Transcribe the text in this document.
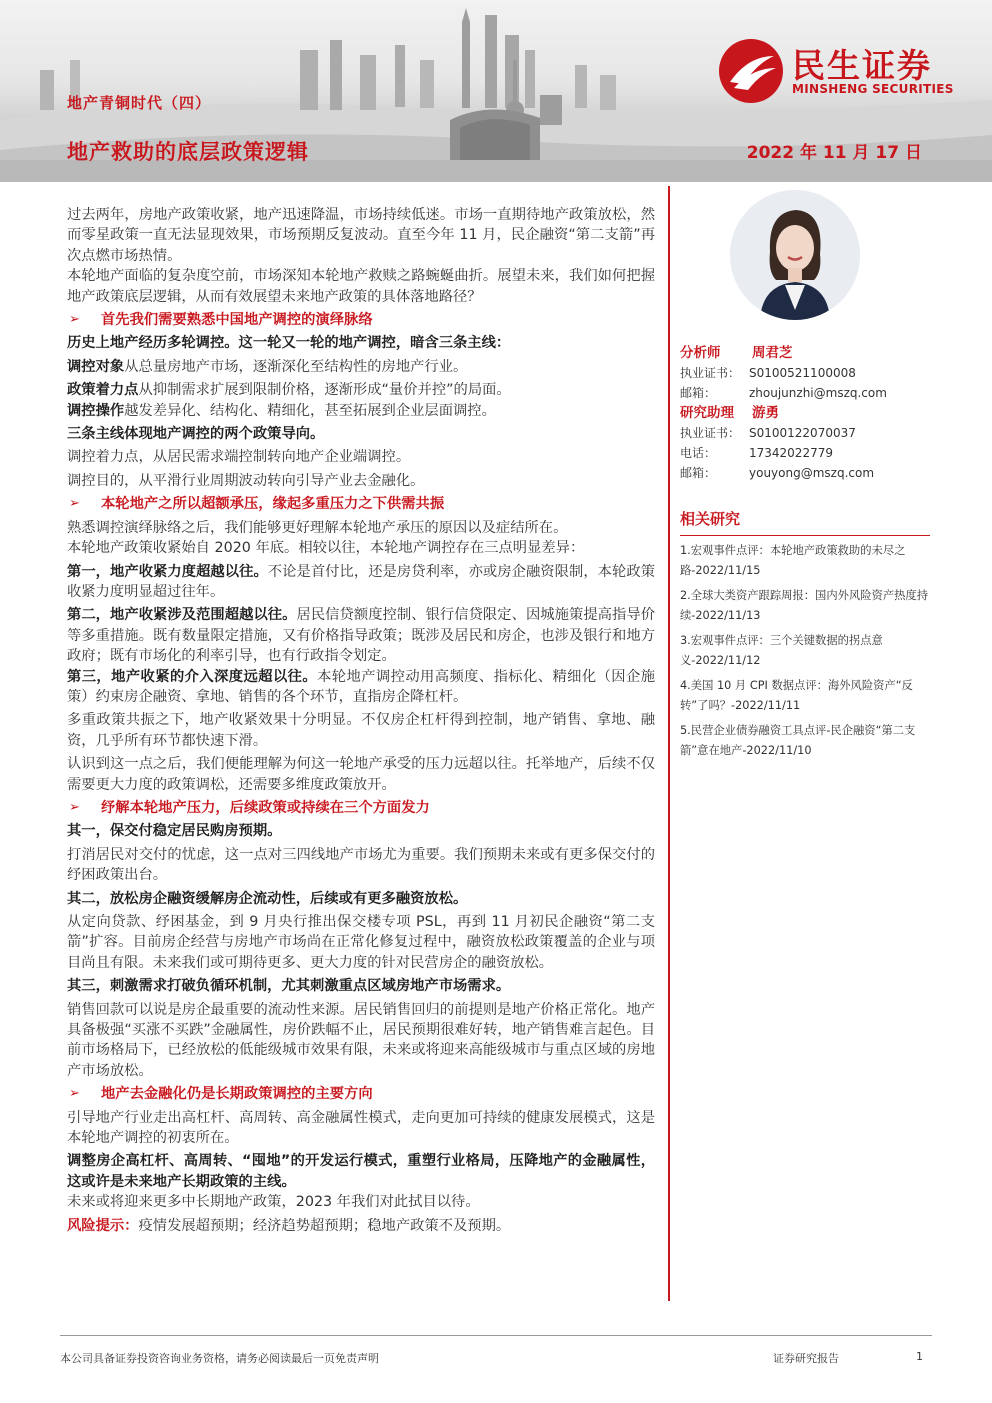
地产青铜时代（四）
地产救助的底层政策逻辑	2022 年 11 月 17 日
民生证券
MINSHENG SECURITIES

过去两年，房地产政策收紧，地产迅速降温，市场持续低迷。市场一直期待地产政策放松，然而零星政策一直无法显现效果，市场预期反复波动。直至今年 11 月，民企融资“第二支箭”再次点燃市场热情。

本轮地产面临的复杂度空前，市场深知本轮地产救赎之路蜿蜒曲折。展望未来，我们如何把握地产政策底层逻辑，从而有效展望未来地产政策的具体落地路径？

➢ 首先我们需要熟悉中国地产调控的演绎脉络

历史上地产经历多轮调控。这一轮又一轮的地产调控，暗含三条主线：

调控对象从总量房地产市场，逐渐深化至结构性的房地产行业。

政策着力点从抑制需求扩展到限制价格，逐渐形成“量价并控”的局面。

调控操作越发差异化、结构化、精细化，甚至拓展到企业层面调控。

三条主线体现地产调控的两个政策导向。

调控着力点，从居民需求端控制转向地产企业端调控。

调控目的，从平滑行业周期波动转向引导产业去金融化。

➢ 本轮地产之所以超额承压，缘起多重压力之下供需共振

熟悉调控演绎脉络之后，我们能够更好理解本轮地产承压的原因以及症结所在。

本轮地产政策收紧始自 2020 年底。相较以往，本轮地产调控存在三点明显差异：

第一，地产收紧力度超越以往。不论是首付比，还是房贷利率，亦或房企融资限制，本轮政策收紧力度明显超过往年。

第二，地产收紧涉及范围超越以往。居民信贷额度控制、银行信贷限定、因城施策提高指导价等多重措施。既有数量限定措施，又有价格指导政策；既涉及居民和房企，也涉及银行和地方政府；既有市场化的利率引导，也有行政指令划定。

第三，地产收紧的介入深度远超以往。本轮地产调控动用高频度、指标化、精细化（因企施策）约束房企融资、拿地、销售的各个环节，直指房企降杠杆。

多重政策共振之下，地产收紧效果十分明显。不仅房企杠杆得到控制，地产销售、拿地、融资，几乎所有环节都快速下滑。

认识到这一点之后，我们便能理解为何这一轮地产承受的压力远超以往。托举地产，后续不仅需要更大力度的政策调松，还需要多维度政策放开。

➢ 纾解本轮地产压力，后续政策或持续在三个方面发力

其一，保交付稳定居民购房预期。

打消居民对交付的忧虑，这一点对三四线地产市场尤为重要。我们预期未来或有更多保交付的纾困政策出台。

其二，放松房企融资缓解房企流动性，后续或有更多融资放松。

从定向贷款、纾困基金，到 9 月央行推出保交楼专项 PSL，再到 11 月初民企融资“第二支箭”扩容。目前房企经营与房地产市场尚在正常化修复过程中，融资放松政策覆盖的企业与项目尚且有限。未来我们或可期待更多、更大力度的针对民营房企的融资放松。

其三，刺激需求打破负循环机制，尤其刺激重点区域房地产市场需求。

销售回款可以说是房企最重要的流动性来源。居民销售回归的前提则是地产价格正常化。地产具备极强“买涨不买跌”金融属性，房价跌幅不止，居民预期很难好转，地产销售难言起色。目前市场格局下，已经放松的低能级城市效果有限，未来或将迎来高能级城市与重点区域的房地产市场放松。

➢ 地产去金融化仍是长期政策调控的主要方向

引导地产行业走出高杠杆、高周转、高金融属性模式，走向更加可持续的健康发展模式，这是本轮地产调控的初衷所在。

调整房企高杠杆、高周转、“囤地”的开发运行模式，重塑行业格局，压降地产的金融属性，这或许是未来地产长期政策的主线。

未来或将迎来更多中长期地产政策，2023 年我们对此拭目以待。

风险提示：疫情发展超预期；经济趋势超预期；稳地产政策不及预期。

分析师	周君芝
执业证书： S0100521100008
邮箱：	zhoujunzhi@mszq.com
研究助理	游勇
执业证书： S0100122070037
电话：	17342022779
邮箱：	youyong@mszq.com
相关研究
1.宏观事件点评：本轮地产政策救助的未尽之路-2022/11/15
2.全球大类资产跟踪周报：国内外风险资产热度持续-2022/11/13
3.宏观事件点评：三个关键数据的拐点意义-2022/11/12
4.美国 10 月 CPI 数据点评：海外风险资产“反转”了吗？-2022/11/11
5.民营企业债券融资工具点评-民企融资“第二支箭”意在地产-2022/11/10
本公司具备证券投资咨询业务资格，请务必阅读最后一页免责声明	证券研究报告	1
